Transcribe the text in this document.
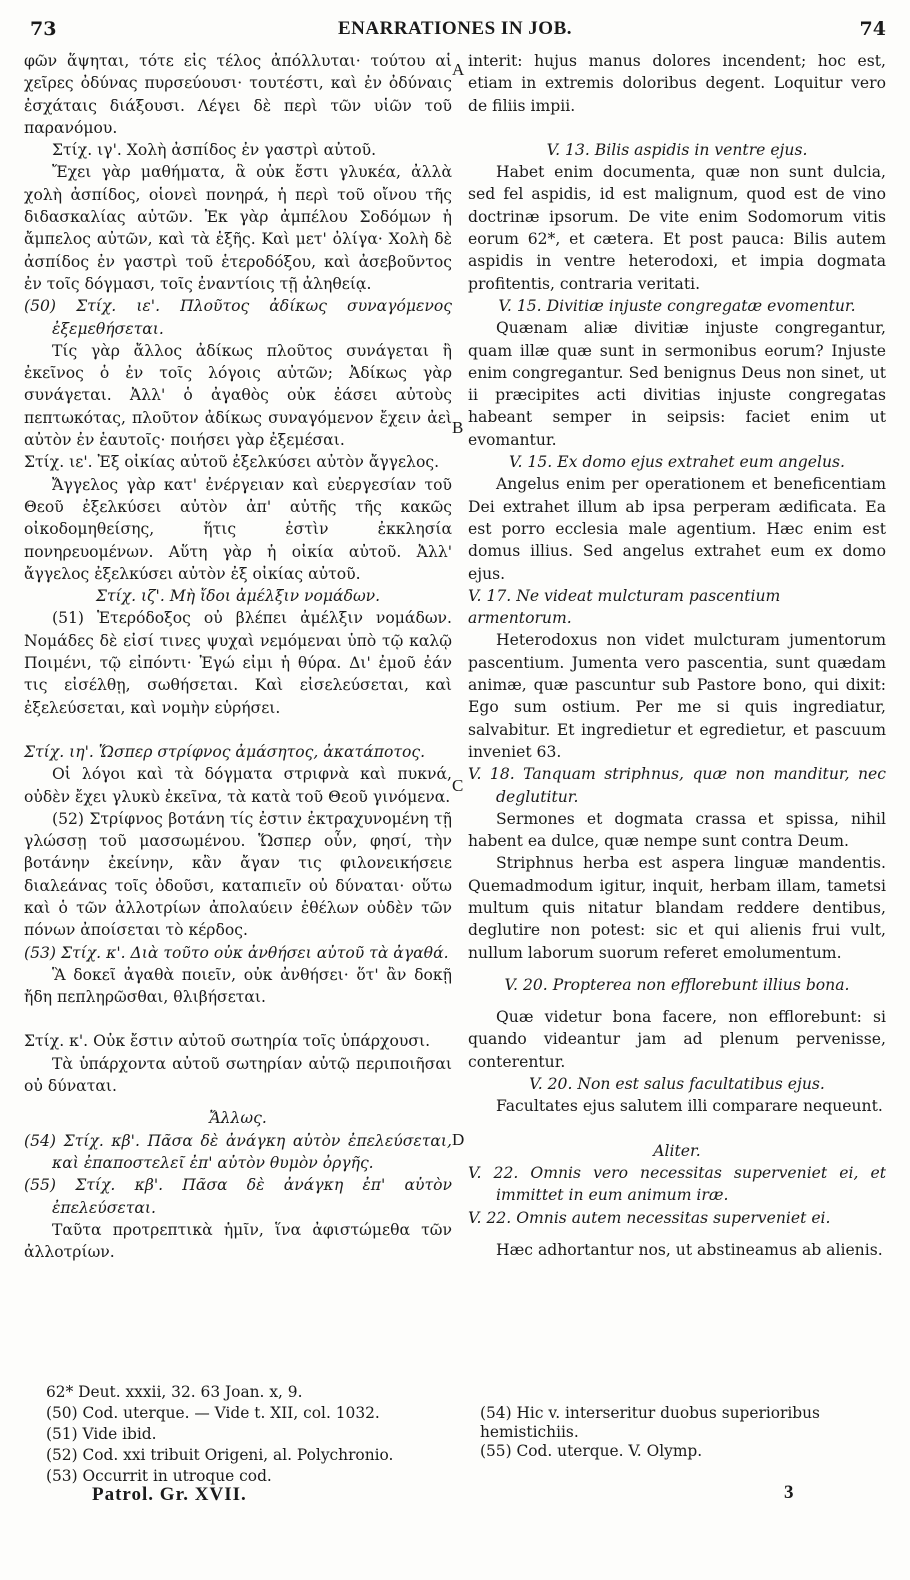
73	ENARRATIONES IN JOB.	74

φῶν ἅψηται, τότε εἰς τέλος ἀπόλλυται· τούτου αἱ χεῖρες ὀδύνας πυρσεύουσι· τουτέστι, καὶ ἐν ὀδύναις ἐσχάταις διάξουσι. Λέγει δὲ περὶ τῶν υἱῶν τοῦ παρανόμου.

Στίχ. ιγ'. Χολὴ ἀσπίδος ἐν γαστρὶ αὐτοῦ.

Ἔχει γὰρ μαθήματα, ἃ οὐκ ἔστι γλυκέα, ἀλλὰ χολὴ ἀσπίδος, οἱονεὶ πονηρά, ἡ περὶ τοῦ οἴνου τῆς διδασκαλίας αὐτῶν. Ἐκ γὰρ ἀμπέλου Σοδόμων ἡ ἄμπελος αὐτῶν, καὶ τὰ ἑξῆς. Καὶ μετ' ὀλίγα· Χολὴ δὲ ἀσπίδος ἐν γαστρὶ τοῦ ἑτεροδόξου, καὶ ἀσεβοῦντος ἐν τοῖς δόγμασι, τοῖς ἐναντίοις τῇ ἀληθείᾳ.

(50) Στίχ. ιε'. Πλοῦτος ἀδίκως συναγόμενος ἐξεμεθήσεται.

Τίς γὰρ ἄλλος ἀδίκως πλοῦτος συνάγεται ἢ ἐκεῖνος ὁ ἐν τοῖς λόγοις αὐτῶν; Ἀδίκως γὰρ συνάγεται. Ἀλλ' ὁ ἀγαθὸς οὐκ ἐάσει αὐτοὺς πεπτωκότας, πλοῦτον ἀδίκως συναγόμενον ἔχειν ἀεὶ αὐτὸν ἐν ἑαυτοῖς· ποιήσει γὰρ ἐξεμέσαι.

Στίχ. ιε'. Ἐξ οἰκίας αὐτοῦ ἐξελκύσει αὐτὸν ἄγγελος.

Ἄγγελος γὰρ κατ' ἐνέργειαν καὶ εὐεργεσίαν τοῦ Θεοῦ ἐξελκύσει αὐτὸν ἀπ' αὐτῆς τῆς κακῶς οἰκοδομηθείσης, ἥτις ἐστὶν ἐκκλησία πονηρευομένων. Αὕτη γὰρ ἡ οἰκία αὐτοῦ. Ἀλλ' ἄγγελος ἐξελκύσει αὐτὸν ἐξ οἰκίας αὐτοῦ.

Στίχ. ιζ'. Μὴ ἴδοι ἀμέλξιν νομάδων.

(51) Ἑτερόδοξος οὐ βλέπει ἀμέλξιν νομάδων. Νομάδες δὲ εἰσί τινες ψυχαὶ νεμόμεναι ὑπὸ τῷ καλῷ Ποιμένι, τῷ εἰπόντι· Ἐγώ εἰμι ἡ θύρα. Δι' ἐμοῦ ἐάν τις εἰσέλθῃ, σωθήσεται. Καὶ εἰσελεύσεται, καὶ ἐξελεύσεται, καὶ νομὴν εὑρήσει.

Στίχ. ιη'. Ὥσπερ στρίφνος ἀμάσητος, ἀκατάποτος.

Οἱ λόγοι καὶ τὰ δόγματα στριφνὰ καὶ πυκνά, οὐδὲν ἔχει γλυκὺ ἐκεῖνα, τὰ κατὰ τοῦ Θεοῦ γινόμενα.

(52) Στρίφνος βοτάνη τίς ἐστιν ἐκτραχυνομένη τῇ γλώσσῃ τοῦ μασσωμένου. Ὥσπερ οὖν, φησί, τὴν βοτάνην ἐκείνην, κἂν ἄγαν τις φιλονεικήσειε διαλεάνας τοῖς ὀδοῦσι, καταπιεῖν οὐ δύναται· οὕτω καὶ ὁ τῶν ἀλλοτρίων ἀπολαύειν ἐθέλων οὐδὲν τῶν πόνων ἀποίσεται τὸ κέρδος.

(53) Στίχ. κ'. Διὰ τοῦτο οὐκ ἀνθήσει αὐτοῦ τὰ ἀγαθά.

Ἃ δοκεῖ ἀγαθὰ ποιεῖν, οὐκ ἀνθήσει· ὅτ' ἂν δοκῇ ἤδη πεπληρῶσθαι, θλιβήσεται.

Στίχ. κ'. Οὐκ ἔστιν αὐτοῦ σωτηρία τοῖς ὑπάρχουσι.

Τὰ ὑπάρχοντα αὐτοῦ σωτηρίαν αὐτῷ περιποιῆσαι οὐ δύναται.

Ἄλλως.

(54) Στίχ. κβ'. Πᾶσα δὲ ἀνάγκη αὐτὸν ἐπελεύσεται, καὶ ἐπαποστελεῖ ἐπ' αὐτὸν θυμὸν ὀργῆς.

(55) Στίχ. κβ'. Πᾶσα δὲ ἀνάγκη ἐπ' αὐτὸν ἐπελεύσεται.

Ταῦτα προτρεπτικὰ ἡμῖν, ἵνα ἀφιστώμεθα τῶν ἀλλοτρίων.

interit: hujus manus dolores incendent; hoc est, etiam in extremis doloribus degent. Loquitur vero de filiis impii.

V. 13. Bilis aspidis in ventre ejus.

Habet enim documenta, quæ non sunt dulcia, sed fel aspidis, id est malignum, quod est de vino doctrinæ ipsorum. De vite enim Sodomorum vitis eorum 62*, et cætera. Et post pauca: Bilis autem aspidis in ventre heterodoxi, et impia dogmata profitentis, contraria veritati.

V. 15. Divitiæ injuste congregatæ evomentur.

Quænam aliæ divitiæ injuste congregantur, quam illæ quæ sunt in sermonibus eorum? Injuste enim congregantur. Sed benignus Deus non sinet, ut ii præcipites acti divitias injuste congregatas habeant semper in seipsis: faciet enim ut evomantur.

V. 15. Ex domo ejus extrahet eum angelus.

Angelus enim per operationem et beneficentiam Dei extrahet illum ab ipsa perperam ædificata. Ea est porro ecclesia male agentium. Hæc enim est domus illius. Sed angelus extrahet eum ex domo ejus.

V. 17. Ne videat mulcturam pascentium armentorum.

Heterodoxus non videt mulcturam jumentorum pascentium. Jumenta vero pascentia, sunt quædam animæ, quæ pascuntur sub Pastore bono, qui dixit: Ego sum ostium. Per me si quis ingrediatur, salvabitur. Et ingredietur et egredietur, et pascuum inveniet 63.

V. 18. Tanquam striphnus, quæ non manditur, nec deglutitur.

Sermones et dogmata crassa et spissa, nihil habent ea dulce, quæ nempe sunt contra Deum.

Striphnus herba est aspera linguæ mandentis. Quemadmodum igitur, inquit, herbam illam, tametsi multum quis nitatur blandam reddere dentibus, deglutire non potest: sic et qui alienis frui vult, nullum laborum suorum referet emolumentum.

V. 20. Propterea non efflorebunt illius bona.

Quæ videtur bona facere, non efflorebunt: si quando videantur jam ad plenum pervenisse, conterentur.

V. 20. Non est salus facultatibus ejus.

Facultates ejus salutem illi comparare nequeunt.

Aliter.

V. 22. Omnis vero necessitas superveniet ei, et immittet in eum animum iræ.

V. 22. Omnis autem necessitas superveniet ei.

Hæc adhortantur nos, ut abstineamus ab alienis.

A
B
C
D

62* Deut. xxxii, 32. 63 Joan. x, 9.

(50) Cod. uterque. — Vide t. XII, col. 1032.

(51) Vide ibid.

(52) Cod. xxi tribuit Origeni, al. Polychronio.

(53) Occurrit in utroque cod.

(54) Hic v. interseritur duobus superioribus hemistichiis.

(55) Cod. uterque. V. Olymp.

Patrol. Gr. XVII.	3
